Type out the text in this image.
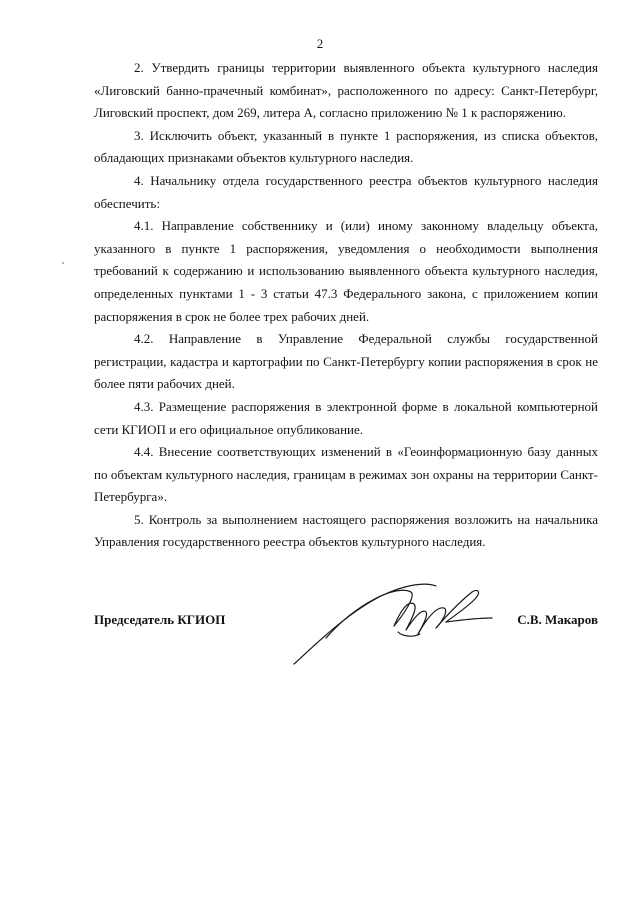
2

2. Утвердить границы территории выявленного объекта культурного наследия «Лиговский банно-прачечный комбинат», расположенного по адресу: Санкт-Петербург, Лиговский проспект, дом 269, литера А, согласно приложению № 1 к распоряжению.

3. Исключить объект, указанный в пункте 1 распоряжения, из списка объектов, обладающих признаками объектов культурного наследия.

4. Начальнику отдела государственного реестра объектов культурного наследия обеспечить:

4.1. Направление собственнику и (или) иному законному владельцу объекта, указанного в пункте 1 распоряжения, уведомления о необходимости выполнения требований к содержанию и использованию выявленного объекта культурного наследия, определенных пунктами 1 - 3 статьи 47.3 Федерального закона, с приложением копии распоряжения в срок не более трех рабочих дней.

4.2. Направление в Управление Федеральной службы государственной регистрации, кадастра и картографии по Санкт-Петербургу копии распоряжения в срок не более пяти рабочих дней.

4.3. Размещение распоряжения в электронной форме в локальной компьютерной сети КГИОП и его официальное опубликование.

4.4. Внесение соответствующих изменений в «Геоинформационную базу данных по объектам культурного наследия, границам в режимах зон охраны на территории Санкт-Петербурга».

5. Контроль за выполнением настоящего распоряжения возложить на начальника Управления государственного реестра объектов культурного наследия.

Председатель КГИОП	С.В. Макаров
